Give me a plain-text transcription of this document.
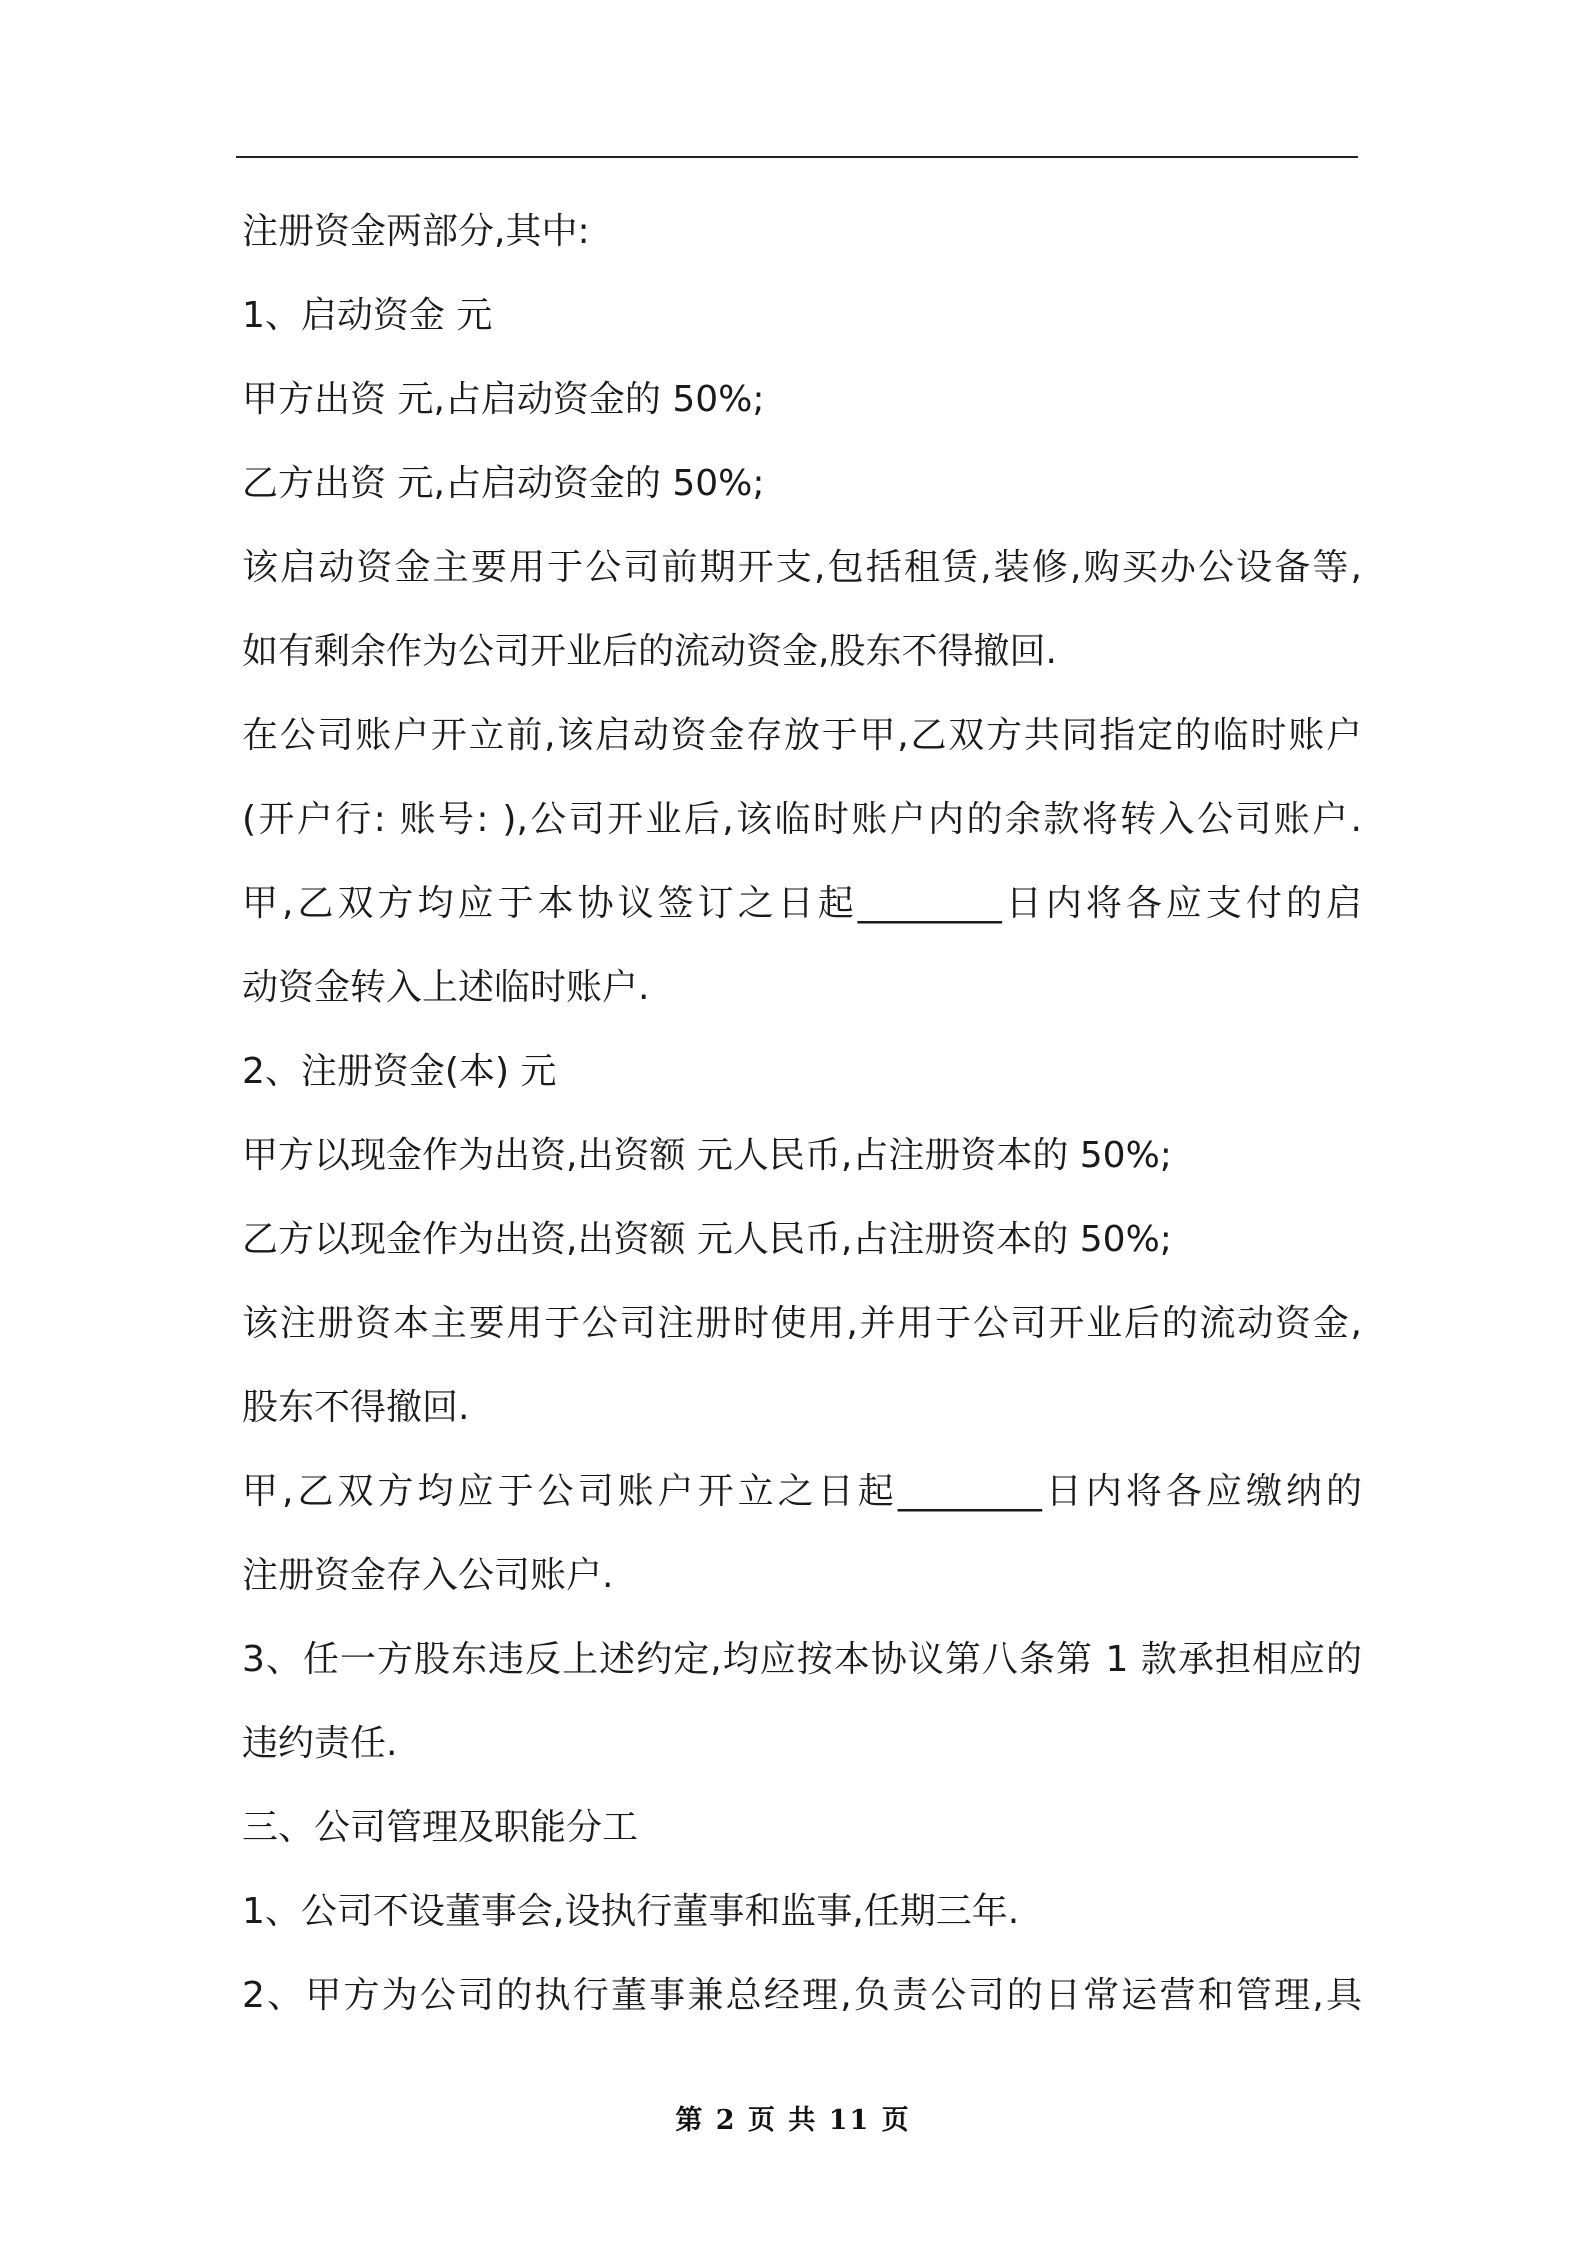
注册资金两部分,其中:
1、启动资金 元
甲方出资 元,占启动资金的 50%;
乙方出资 元,占启动资金的 50%;
该启动资金主要用于公司前期开支,包括租赁,装修,购买办公设备等,
如有剩余作为公司开业后的流动资金,股东不得撤回.
在公司账户开立前,该启动资金存放于甲,乙双方共同指定的临时账户
(开户行: 账号: ),公司开业后,该临时账户内的余款将转入公司账户.
甲,乙双方均应于本协议签订之日起________日内将各应支付的启
动资金转入上述临时账户.
2、注册资金(本) 元
甲方以现金作为出资,出资额 元人民币,占注册资本的 50%;
乙方以现金作为出资,出资额 元人民币,占注册资本的 50%;
该注册资本主要用于公司注册时使用,并用于公司开业后的流动资金,
股东不得撤回.
甲,乙双方均应于公司账户开立之日起________日内将各应缴纳的
注册资金存入公司账户.
3、任一方股东违反上述约定,均应按本协议第八条第 1 款承担相应的
违约责任.
三、公司管理及职能分工
1、公司不设董事会,设执行董事和监事,任期三年.
2、甲方为公司的执行董事兼总经理,负责公司的日常运营和管理,具
第 2 页 共 11 页
